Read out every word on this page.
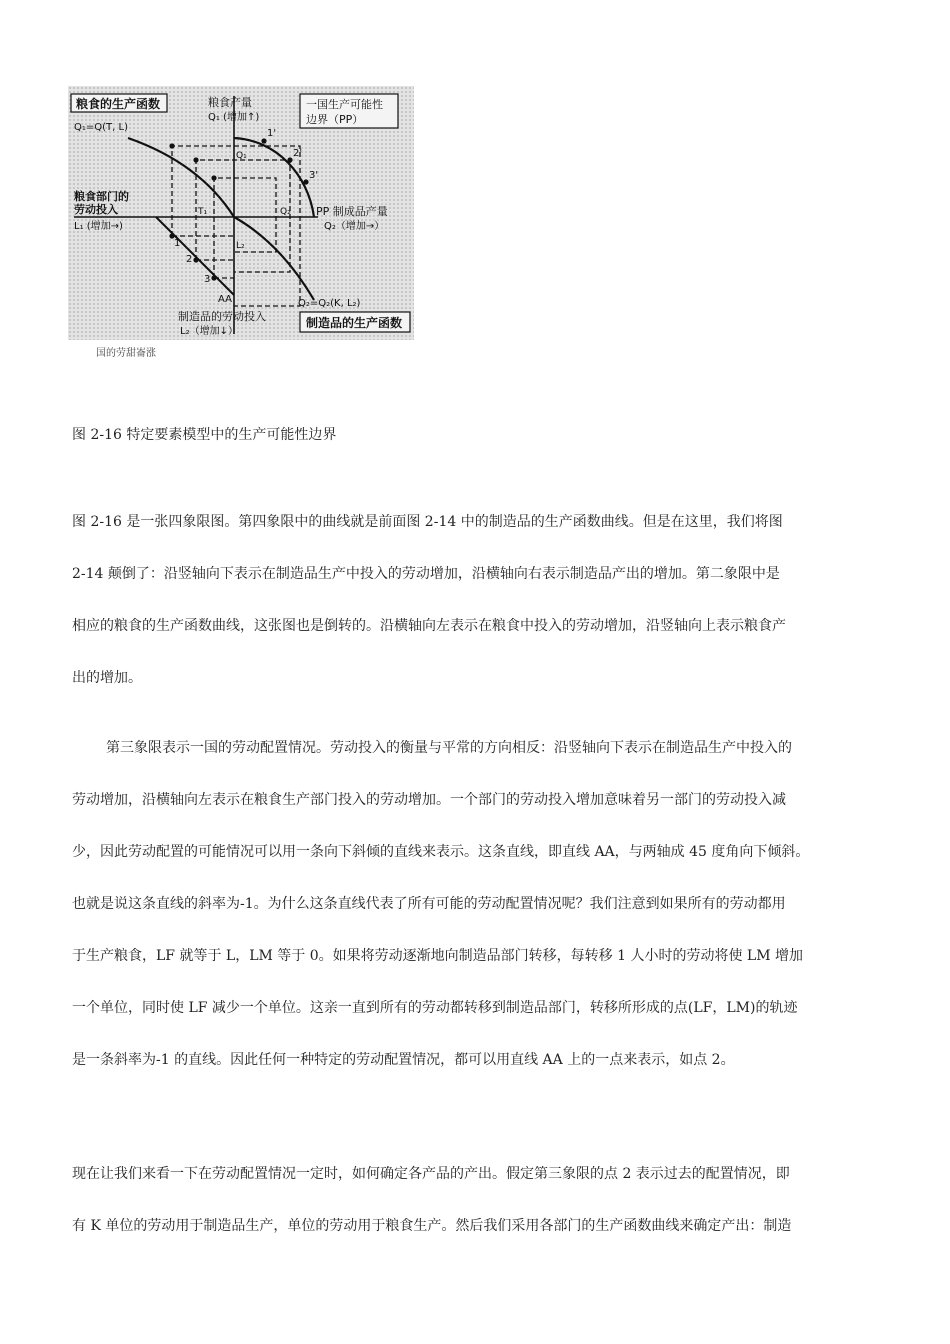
粮食的生产函数	粮食产量
Q₁ (增加↑)
一国生产可能性
边界（PP）
Q₁=Q(T, L)
粮食部门的
劳动投入
L₁ (增加→)
PP 制成品产量
Q₂（增加→）
AA
制造品的劳动投入
L₂（增加↓）
Q₂=Q₂(K, L₂)
制造品的生产函数
1'
2'
3'
1
2
3
Q₁
Q₂
L₂
T₁
国的劳甜崙涨
图 2-16 特定要素模型中的生产可能性边界
图 2-16 是一张四象限图。第四象限中的曲线就是前面图 2-14 中的制造品的生产函数曲线。但是在这里，我们将图
2-14 颠倒了：沿竖轴向下表示在制造品生产中投入的劳动增加，沿横轴向右表示制造品产出的增加。第二象限中是
相应的粮食的生产函数曲线，这张图也是倒转的。沿横轴向左表示在粮食中投入的劳动增加，沿竖轴向上表示粮食产
出的增加。
第三象限表示一国的劳动配置情况。劳动投入的衡量与平常的方向相反：沿竖轴向下表示在制造品生产中投入的
劳动增加，沿横轴向左表示在粮食生产部门投入的劳动增加。一个部门的劳动投入增加意味着另一部门的劳动投入减
少，因此劳动配置的可能情况可以用一条向下斜倾的直线来表示。这条直线，即直线 AA，与两轴成 45 度角向下倾斜。
也就是说这条直线的斜率为-1。为什么这条直线代表了所有可能的劳动配置情况呢？我们注意到如果所有的劳动都用
于生产粮食，LF 就等于 L，LM 等于 0。如果将劳动逐渐地向制造品部门转移，每转移 1 人小时的劳动将使 LM 增加
一个单位，同时使 LF 减少一个单位。这亲一直到所有的劳动都转移到制造品部门，转移所形成的点(LF，LM)的轨迹
是一条斜率为-1 的直线。因此任何一种特定的劳动配置情况，都可以用直线 AA 上的一点来表示，如点 2。
现在让我们来看一下在劳动配置情况一定时，如何确定各产品的产出。假定第三象限的点 2 表示过去的配置情况，即
有 K 单位的劳动用于制造品生产，单位的劳动用于粮食生产。然后我们采用各部门的生产函数曲线来确定产出：制造
